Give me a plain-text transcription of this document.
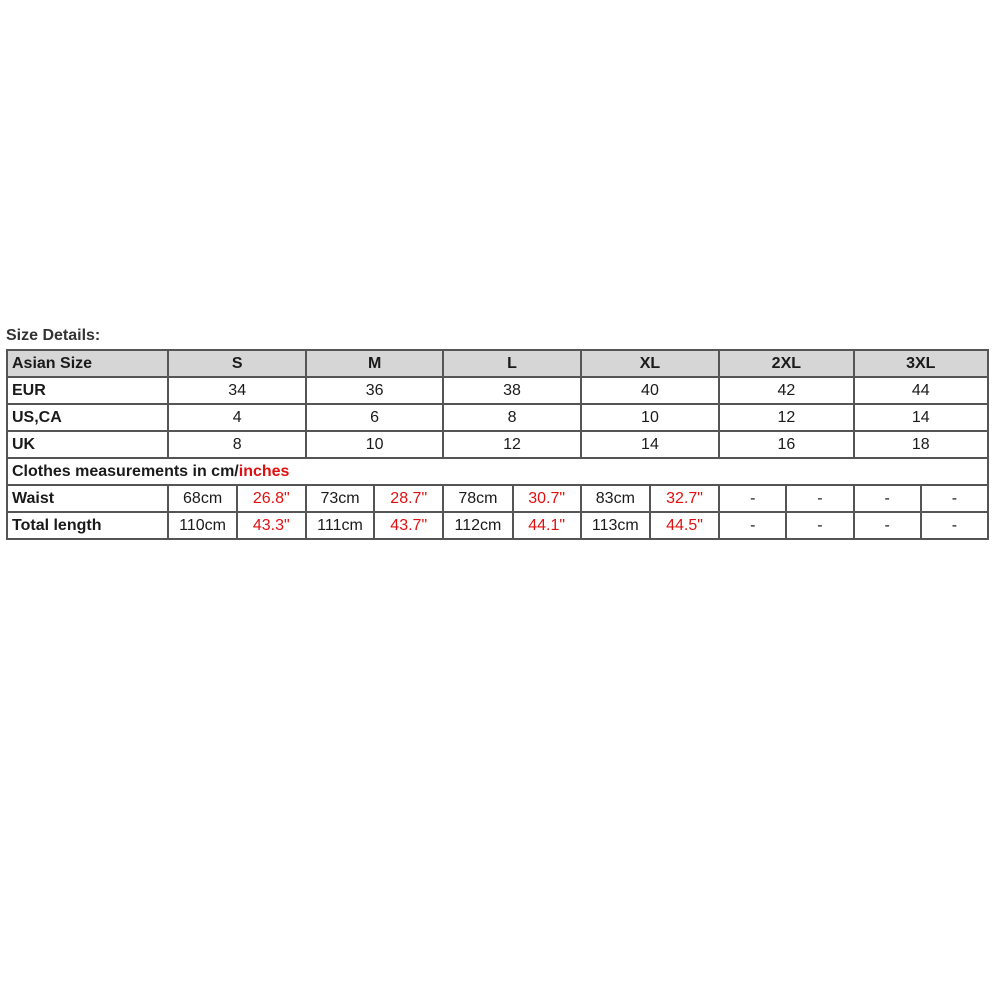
Size Details:
Asian Size	S		M		L		XL		2XL		3XL	
EUR	34		36		38		40		42		44	
US,CA	4		6		8		10		12		14	
UK	8		10		12		14		16		18	
Clothes measurements in cm/inches												
Waist	68cm	26.8"	73cm	28.7"	78cm	30.7"	83cm	32.7"	-	-	-	-
Total length	110cm	43.3"	111cm	43.7"	112cm	44.1"	113cm	44.5"	-	-	-	-
